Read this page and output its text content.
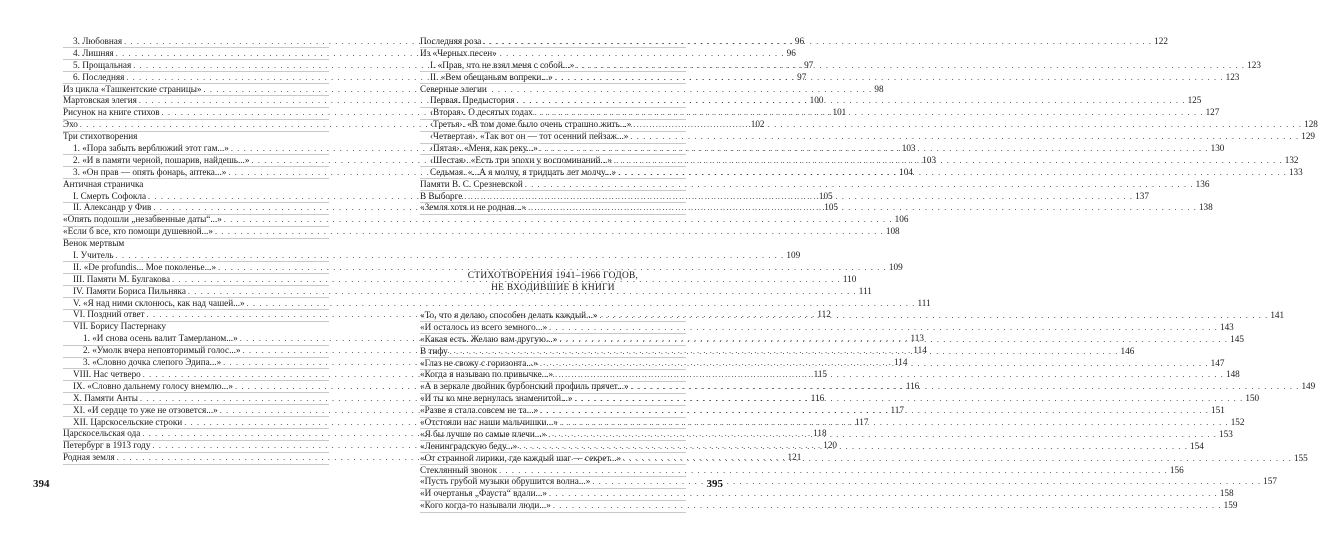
3. Любовная . . .	96
4. Лишняя . . .	96
5. Прощальная . . .	97
6. Последняя . . .	97
Из цикла «Ташкентские страницы» . . .	98
Мартовская элегия . . .	100
Рисунок на книге стихов . . .	101
Эхо . . .	102
Три стихотворения
1. «Пора забыть верблюжий этот гам...» . . .	103
2. «И в памяти черной, пошарив, найдешь...» . . .	103
3. «Он прав — опять фонарь, аптека...» . . .	104
Античная страничка
I. Смерть Софокла . . .	105
II. Александр у Фив . . .	105
«Опять подошли „незабвенные даты“...» . . .	106
«Если б все, кто помощи душевной...» . . .	108
Венок мертвым
I. Учитель . . .	109
II. «De profundis... Мое поколенье...» . . .	109
III. Памяти М. Булгакова . . .	110
IV. Памяти Бориса Пильняка . . .	111
V. «Я над ними склонюсь, как над чашей...» . . .	111
VI. Поздний ответ . . .	112
VII. Борису Пастернаку
1. «И снова осень валит Тамерланом...» . . .	113
2. «Умолк вчера неповторимый голос...» . . .	114
3. «Словно дочка слепого Эдипа...» . . .	114
VIII. Нас четверо . . .	115
IX. «Словно дальнему голосу внемлю...» . . .	116
X. Памяти Анты . . .	116
XI. «И сердце то уже не отзовется...» . . .	117
XII. Царскосельские строки . . .	117
Царскосельская ода . . .	118
Петербург в 1913 году . . .	120
Родная земля . . .	121
394
Последняя роза . . .	122
Из «Черных песен»
I. «Прав, что не взял меня с собой...» . . .	123
II. «Вем обещаньям вопреки...» . . .	123
Северные элегии
Первая. Предыстория . . .	125
‹Вторая›. О десятых годах . . .	127
‹Третья›. «В том доме было очень страшно жить...» . . .	128
‹Четвертая›. «Так вот он — тот осенний пейзаж...» . . .	129
‹Пятая›. «Меня, как реку...» . . .	130
‹Шестая›. «Есть три эпохи у воспоминаний...» . . .	132
Седьмая. «...А я молчу, я тридцать лет молчу...» . . .	133
Памяти В. С. Срезневской . . .	136
В Выборге . . .	137
«Земля хотя и не родная...» . . .	138
СТИХОТВОРЕНИЯ 1941–1966 ГОДОВ,
НЕ ВХОДИВШИЕ В КНИГИ
«То, что я делаю, способен делать каждый...» . . .	141
«И осталось из всего земного...» . . .	143
«Какая есть. Желаю вам другую...» . . .	145
В тифу . . .	146
«Глаз не свожу с горизонта...» . . .	147
«Когда я называю по привычке...» . . .	148
«А в зеркале двойник бурбонский профиль прячет...» . . .	149
«И ты ко мне вернулась знаменитой...» . . .	150
«Разве я стала совсем не та...» . . .	151
«Отстояли нас наши мальчишки...» . . .	152
«Я бы лучше по самые плечи...» . . .	153
«Ленинградскую беду...» . . .	154
«От странной лирики, где каждый шаг — секрет...» . . .	155
Стеклянный звонок . . .	156
«Пусть грубой музыки обрушится волна...» . . .	157
«И очертанья „Фауста“ вдали...» . . .	158
«Кого когда-то называли люди...» . . .	159
395
